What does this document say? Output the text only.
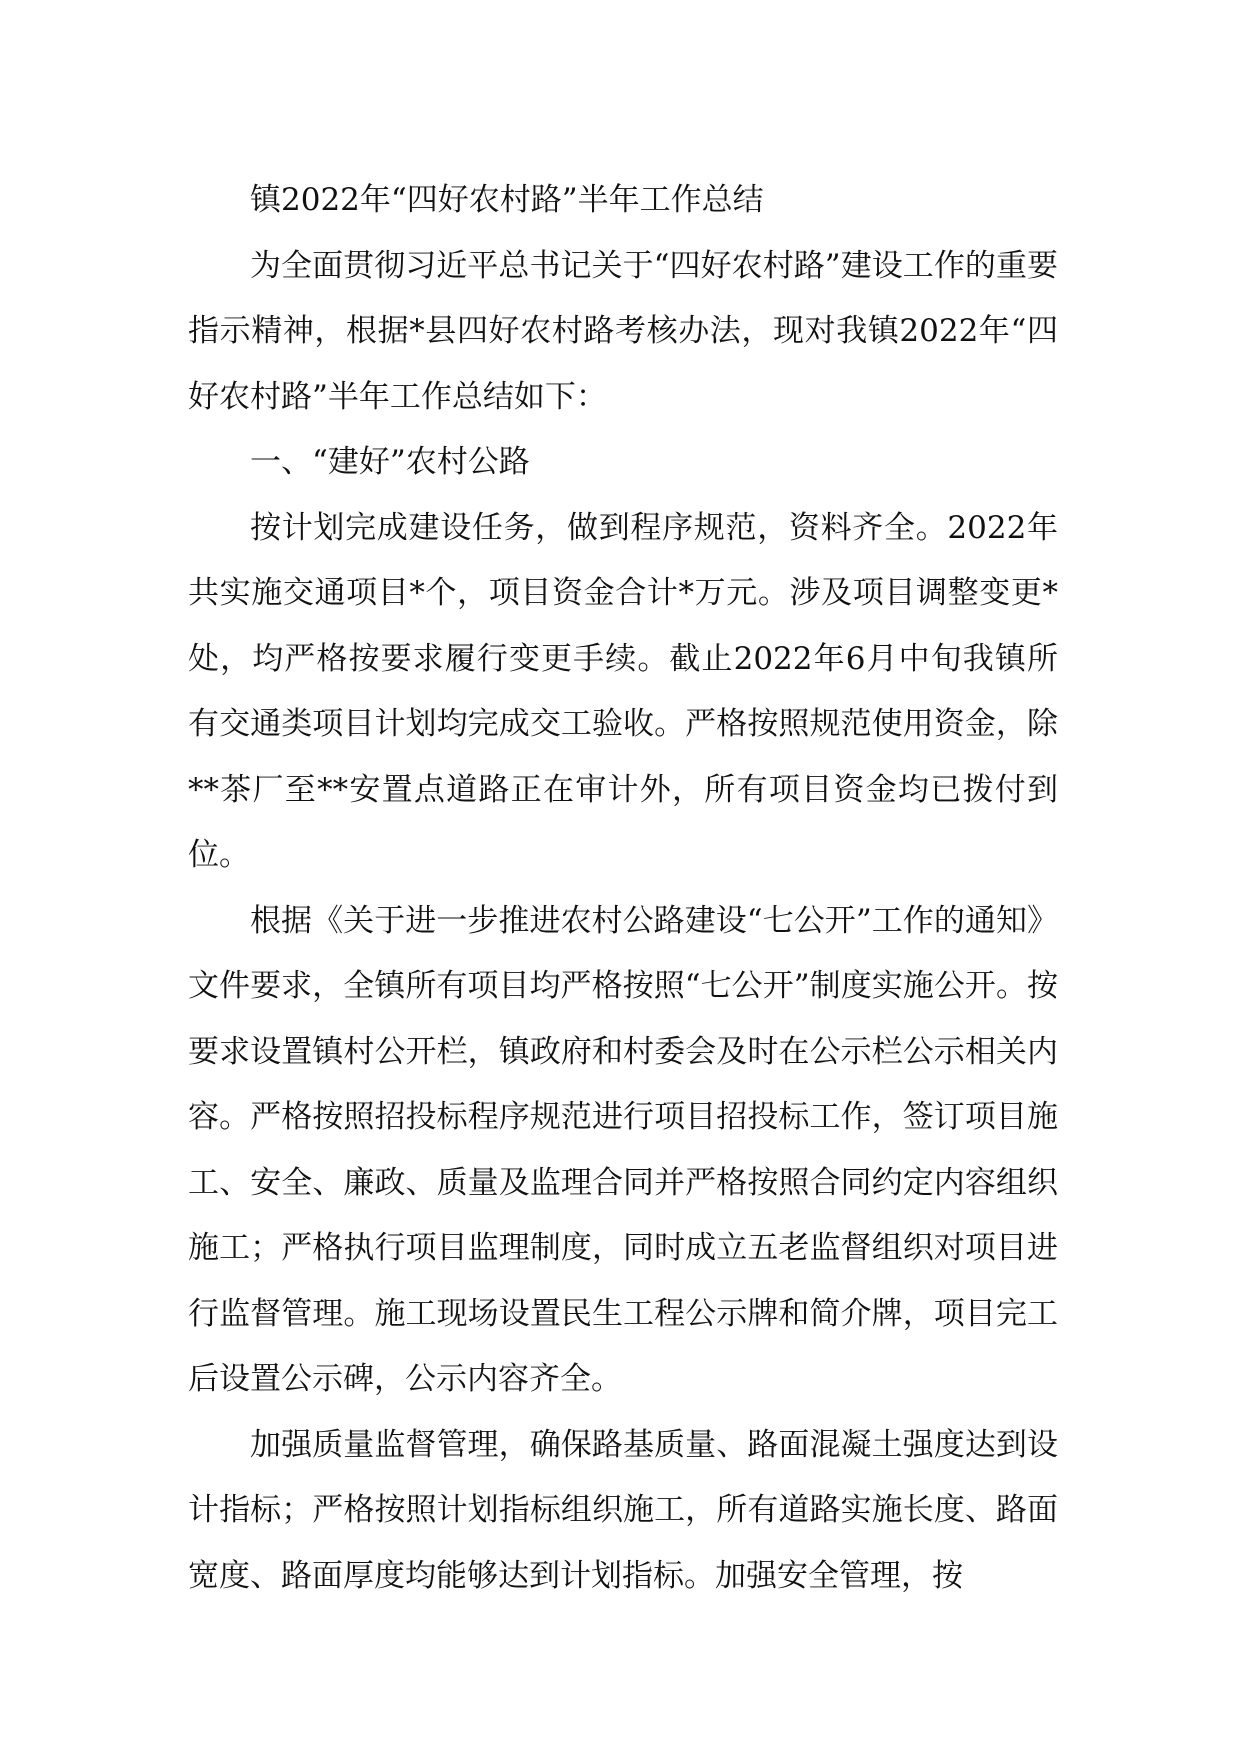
镇2022年“四好农村路”半年工作总结

为全面贯彻习近平总书记关于“四好农村路”建设工作的重要指示精神，根据*县四好农村路考核办法，现对我镇2022年“四好农村路”半年工作总结如下：

一、“建好”农村公路

按计划完成建设任务，做到程序规范，资料齐全。2022年共实施交通项目*个，项目资金合计*万元。涉及项目调整变更*处，均严格按要求履行变更手续。截止2022年6月中旬我镇所有交通类项目计划均完成交工验收。严格按照规范使用资金，除**茶厂至**安置点道路正在审计外，所有项目资金均已拨付到位。

根据《关于进一步推进农村公路建设“七公开”工作的通知》文件要求，全镇所有项目均严格按照“七公开”制度实施公开。按要求设置镇村公开栏，镇政府和村委会及时在公示栏公示相关内容。严格按照招投标程序规范进行项目招投标工作，签订项目施工、安全、廉政、质量及监理合同并严格按照合同约定内容组织施工；严格执行项目监理制度，同时成立五老监督组织对项目进行监督管理。施工现场设置民生工程公示牌和简介牌，项目完工后设置公示碑，公示内容齐全。

加强质量监督管理，确保路基质量、路面混凝土强度达到设计指标；严格按照计划指标组织施工，所有道路实施长度、路面宽度、路面厚度均能够达到计划指标。加强安全管理，按
